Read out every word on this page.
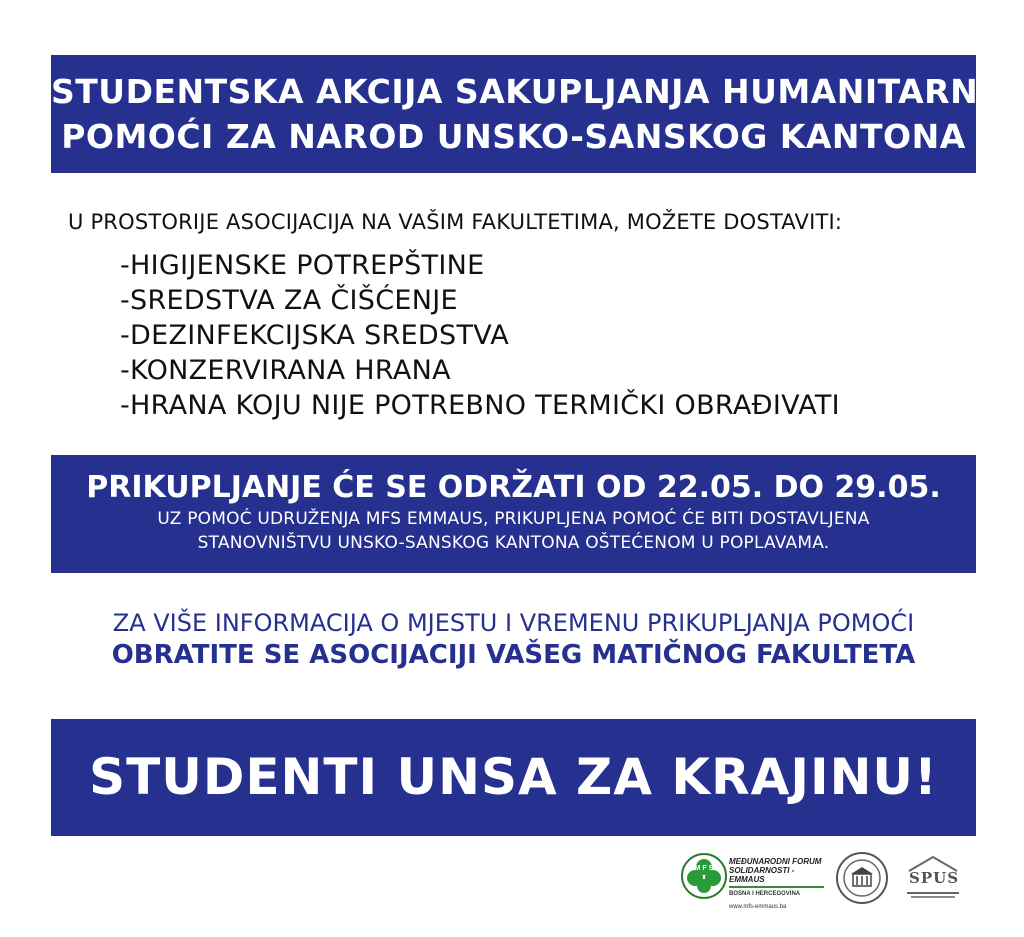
STUDENTSKA AKCIJA SAKUPLJANJA HUMANITARNE
POMOĆI ZA NAROD UNSKO-SANSKOG KANTONA
U PROSTORIJE ASOCIJACIJA NA VAŠIM FAKULTETIMA, MOŽETE DOSTAVITI:
-HIGIJENSKE POTREPŠTINE
-SREDSTVA ZA ČIŠĆENJE
-DEZINFEKCIJSKA SREDSTVA
-KONZERVIRANA HRANA
-HRANA KOJU NIJE POTREBNO TERMIČKI OBRAĐIVATI
PRIKUPLJANJE ĆE SE ODRŽATI OD 22.05. DO 29.05.
UZ POMOĆ UDRUŽENJA MFS EMMAUS, PRIKUPLJENA POMOĆ ĆE BITI DOSTAVLJENA
STANOVNIŠTVU UNSKO-SANSKOG KANTONA OŠTEĆENOM U POPLAVAMA.
ZA VIŠE INFORMACIJA O MJESTU I VREMENU PRIKUPLJANJA POMOĆI
OBRATITE SE ASOCIJACIJI VAŠEG MATIČNOG FAKULTETA
STUDENTI UNSA ZA KRAJINU!
M F S
MEĐUNARODNI FORUM
SOLIDARNOSTI - EMMAUS
BOSNA I HERCEGOVINA
www.mfs-emmaus.ba
SPUS
